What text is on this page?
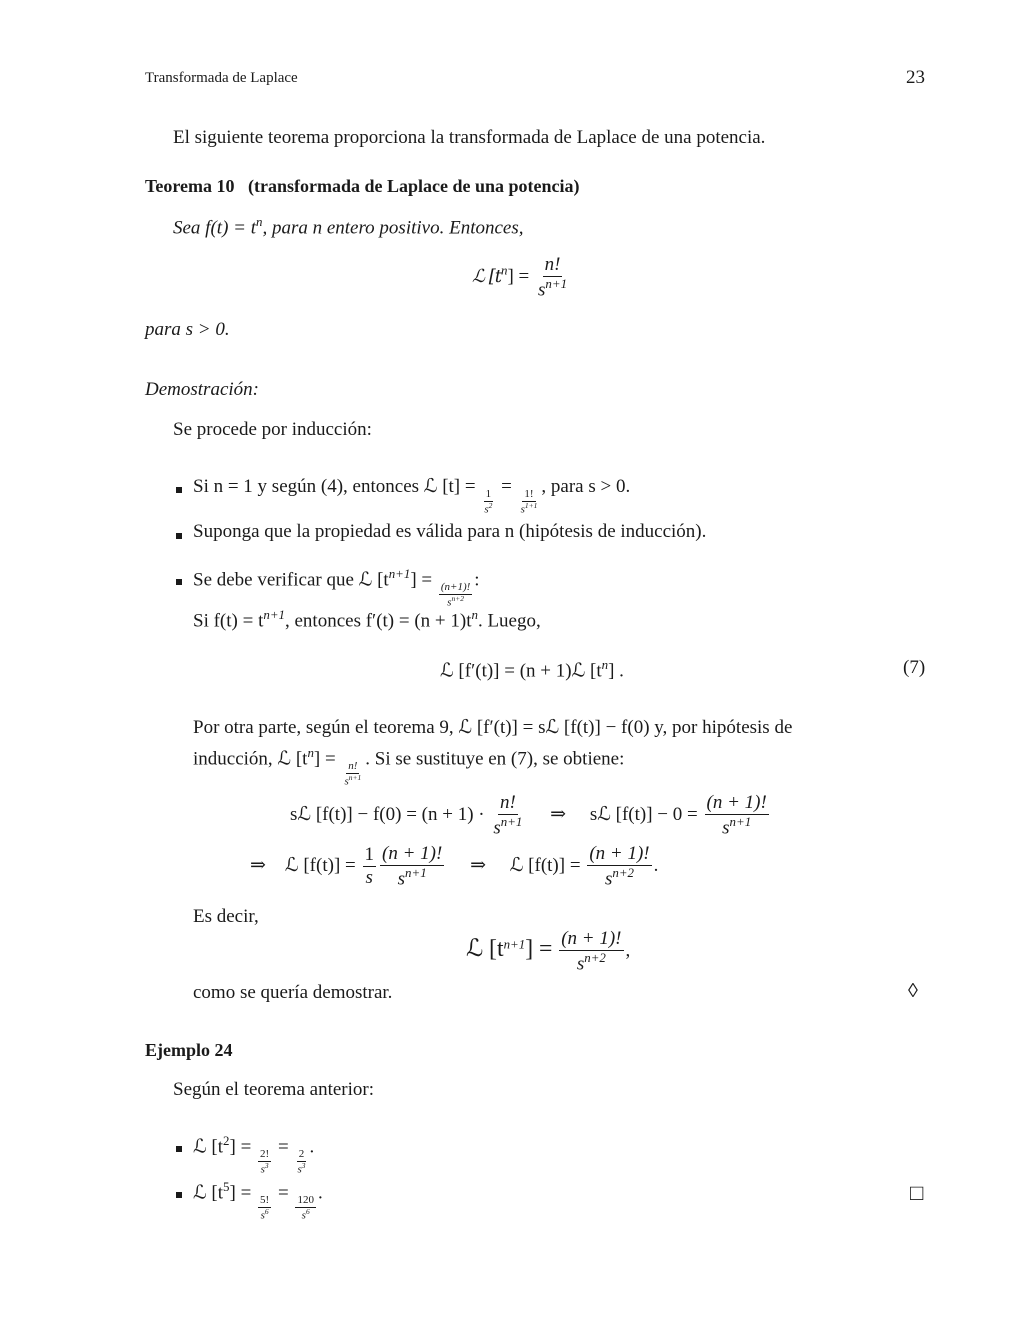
Transformada de Laplace	23
El siguiente teorema proporciona la transformada de Laplace de una potencia.
Teorema 10 (transformada de Laplace de una potencia)
Sea $f(t) = t^n$, para n entero positivo. Entonces,
ℒ $[t^n] = \frac{n!}{s^{n+1}}$
para s > 0.
Demostración:
Se procede por inducción:
Si n = 1 y según (4), entonces ℒ [t] =
$\frac{1}{s^2}$
=
$\frac{1!}{s^{1+1}}$
, para s > 0.
Suponga que la propiedad es válida para n (hipótesis de inducción).
Se debe verificar que ℒ $[t^{n+1}]$ =
$\frac{(n+1)!}{s^{n+2}}$
:
Si $f(t) = t^{n+1}$, entonces $f'(t) = (n + 1)t^n$. Luego,
ℒ [f′(t)] = (n + 1)ℒ $[t^n]$ .	(7)
Por otra parte, según el teorema 9, ℒ [f′(t)] = sℒ [f(t)] − f(0) y, por hipótesis de
inducción, ℒ $[t^n]$ =
$\frac{n!}{s^{n+1}}$
. Si se sustituye en (7), se obtiene:
sℒ $[f(t)] - f(0) = (n + 1) \cdot \frac{n!}{s^{n+1}}$ ⇒ sℒ $[f(t)] - 0 = \frac{(n + 1)!}{s^{n+1}}$
⇒ ℒ $[f(t)] = \frac{1}{s} \frac{(n + 1)!}{s^{n+1}}$ ⇒ ℒ $[f(t)] = \frac{(n + 1)!}{s^{n+2}}$ .
Es decir,
ℒ $[t^{n+1}] = \frac{(n + 1)!}{s^{n+2}}$ ,
como se quería demostrar.	◊
Ejemplo 24
Según el teorema anterior:
ℒ $[t^2]$ =
$\frac{2!}{s^3}$
=
$\frac{2}{s^3}$
.
ℒ $[t^5]$ =
$\frac{5!}{s^6}$
=
$\frac{120}{s^6}$
.	□
